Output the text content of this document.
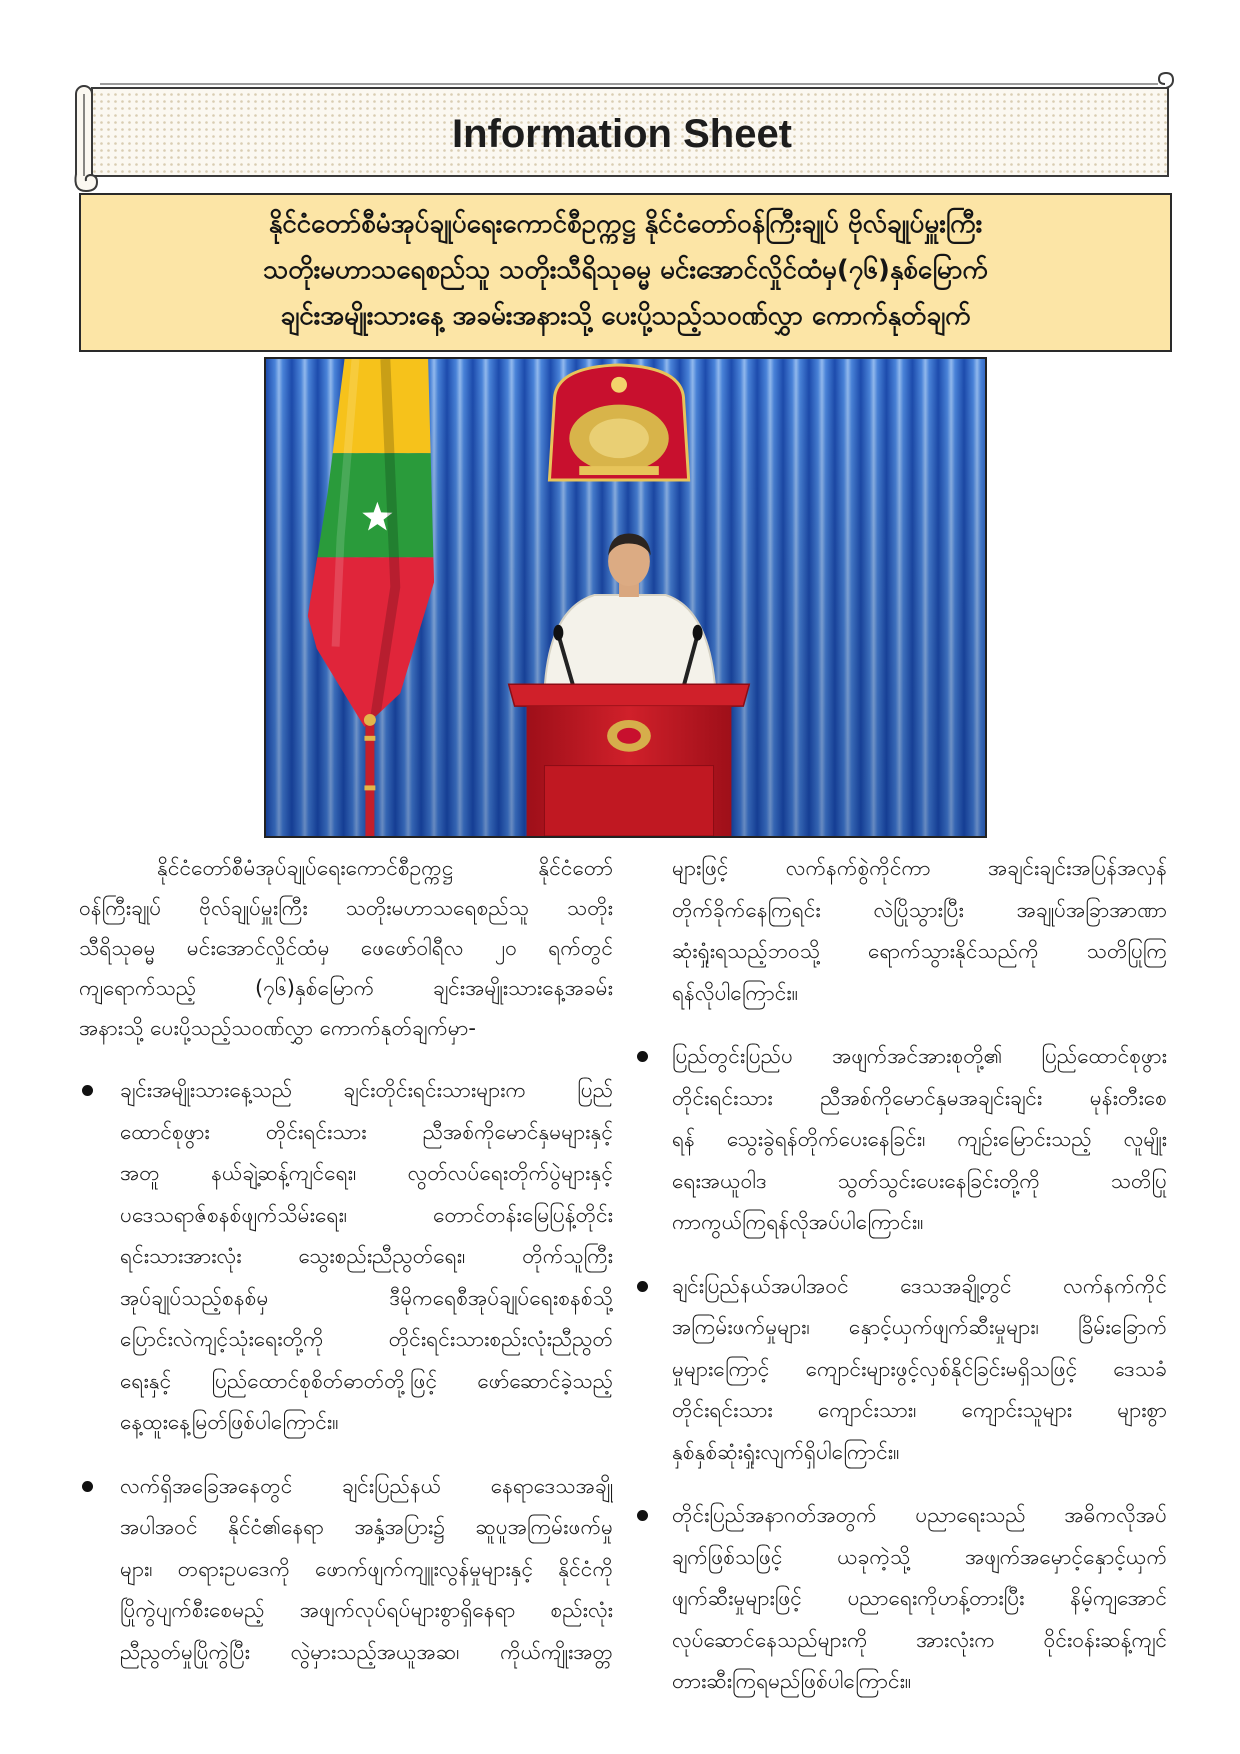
Information Sheet
နိုင်ငံတော်စီမံအုပ်ချုပ်ရေးကောင်စီဥက္ကဋ္ဌ နိုင်ငံတော်ဝန်ကြီးချုပ် ဗိုလ်ချုပ်မှူးကြီး
သတိုးမဟာသရေစည်သူ သတိုးသီရိသုဓမ္မ မင်းအောင်လှိုင်ထံမှ(၇၆)နှစ်မြောက်
ချင်းအမျိုးသားနေ့ အခမ်းအနားသို့ ပေးပို့သည့်သဝဏ်လွှာ ကောက်နုတ်ချက်
နိုင်ငံတော်စီမံအုပ်ချုပ်ရေးကောင်စီဥက္ကဋ္ဌ နိုင်ငံတော်
ဝန်ကြီးချုပ် ဗိုလ်ချုပ်မှူးကြီး သတိုးမဟာသရေစည်သူ သတိုး
သီရိသုဓမ္မ မင်းအောင်လှိုင်ထံမှ ဖေဖော်ဝါရီလ ၂၀ ရက်တွင်
ကျရောက်သည့် (၇၆)နှစ်မြောက် ချင်းအမျိုးသားနေ့အခမ်း
အနားသို့ ပေးပို့သည့်သဝဏ်လွှာ ကောက်နုတ်ချက်မှာ-
ချင်းအမျိုးသားနေ့သည် ချင်းတိုင်းရင်းသားများက ပြည်
ထောင်စုဖွား တိုင်းရင်းသား ညီအစ်ကိုမောင်နှမများနှင့်
အတူ နယ်ချဲ့ဆန့်ကျင်ရေး၊ လွတ်လပ်ရေးတိုက်ပွဲများနှင့်
ပဒေသရာဇ်စနစ်ဖျက်သိမ်းရေး၊ တောင်တန်းမြေပြန့်တိုင်း
ရင်းသားအားလုံး သွေးစည်းညီညွတ်ရေး၊ တိုက်သူကြီး
အုပ်ချုပ်သည့်စနစ်မှ ဒီမိုကရေစီအုပ်ချုပ်ရေးစနစ်သို့
ပြောင်းလဲကျင့်သုံးရေးတို့ကို တိုင်းရင်းသားစည်းလုံးညီညွတ်
ရေးနှင့် ပြည်ထောင်စုစိတ်ဓာတ်တို့ဖြင့် ဖော်ဆောင်ခဲ့သည့်
နေ့ထူးနေ့မြတ်ဖြစ်ပါကြောင်း။
လက်ရှိအခြေအနေတွင် ချင်းပြည်နယ် နေရာဒေသအချို့
အပါအဝင် နိုင်ငံ၏နေရာ အနှံ့အပြား၌ ဆူပူအကြမ်းဖက်မှု
များ၊ တရားဥပဒေကို ဖောက်ဖျက်ကျူးလွန်မှုများနှင့် နိုင်ငံကို
ပြိုကွဲပျက်စီးစေမည့် အဖျက်လုပ်ရပ်များစွာရှိနေရာ စည်းလုံး
ညီညွတ်မှုပြိုကွဲပြီး လွဲမှားသည့်အယူအဆ၊ ကိုယ်ကျိုးအတ္တ
များဖြင့် လက်နက်စွဲကိုင်ကာ အချင်းချင်းအပြန်အလှန်
တိုက်ခိုက်နေကြရင်း လဲပြိုသွားပြီး အချုပ်အခြာအာဏာ
ဆုံးရှုံးရသည့်ဘဝသို့ ရောက်သွားနိုင်သည်ကို သတိပြုကြ
ရန်လိုပါကြောင်း။
ပြည်တွင်းပြည်ပ အဖျက်အင်အားစုတို့၏ ပြည်ထောင်စုဖွား
တိုင်းရင်းသား ညီအစ်ကိုမောင်နှမအချင်းချင်း မုန်းတီးစေ
ရန် သွေးခွဲရန်တိုက်ပေးနေခြင်း၊ ကျဉ်းမြောင်းသည့် လူမျိုး
ရေးအယူဝါဒ သွတ်သွင်းပေးနေခြင်းတို့ကို သတိပြု
ကာကွယ်ကြရန်လိုအပ်ပါကြောင်း။
ချင်းပြည်နယ်အပါအဝင် ဒေသအချို့တွင် လက်နက်ကိုင်
အကြမ်းဖက်မှုများ၊ နှောင့်ယှက်ဖျက်ဆီးမှုများ၊ ခြိမ်းခြောက်
မှုများကြောင့် ကျောင်းများဖွင့်လှစ်နိုင်ခြင်းမရှိသဖြင့် ဒေသခံ
တိုင်းရင်းသား ကျောင်းသား၊ ကျောင်းသူများ များစွာ
နှစ်နှစ်ဆုံးရှုံးလျက်ရှိပါကြောင်း။
တိုင်းပြည်အနာဂတ်အတွက် ပညာရေးသည် အဓိကလိုအပ်
ချက်ဖြစ်သဖြင့် ယခုကဲ့သို့ အဖျက်အမှောင့်နှောင့်ယှက်
ဖျက်ဆီးမှုများဖြင့် ပညာရေးကိုဟန့်တားပြီး နိမ့်ကျအောင်
လုပ်ဆောင်နေသည်များကို အားလုံးက ဝိုင်းဝန်းဆန့်ကျင်
တားဆီးကြရမည်ဖြစ်ပါကြောင်း။
